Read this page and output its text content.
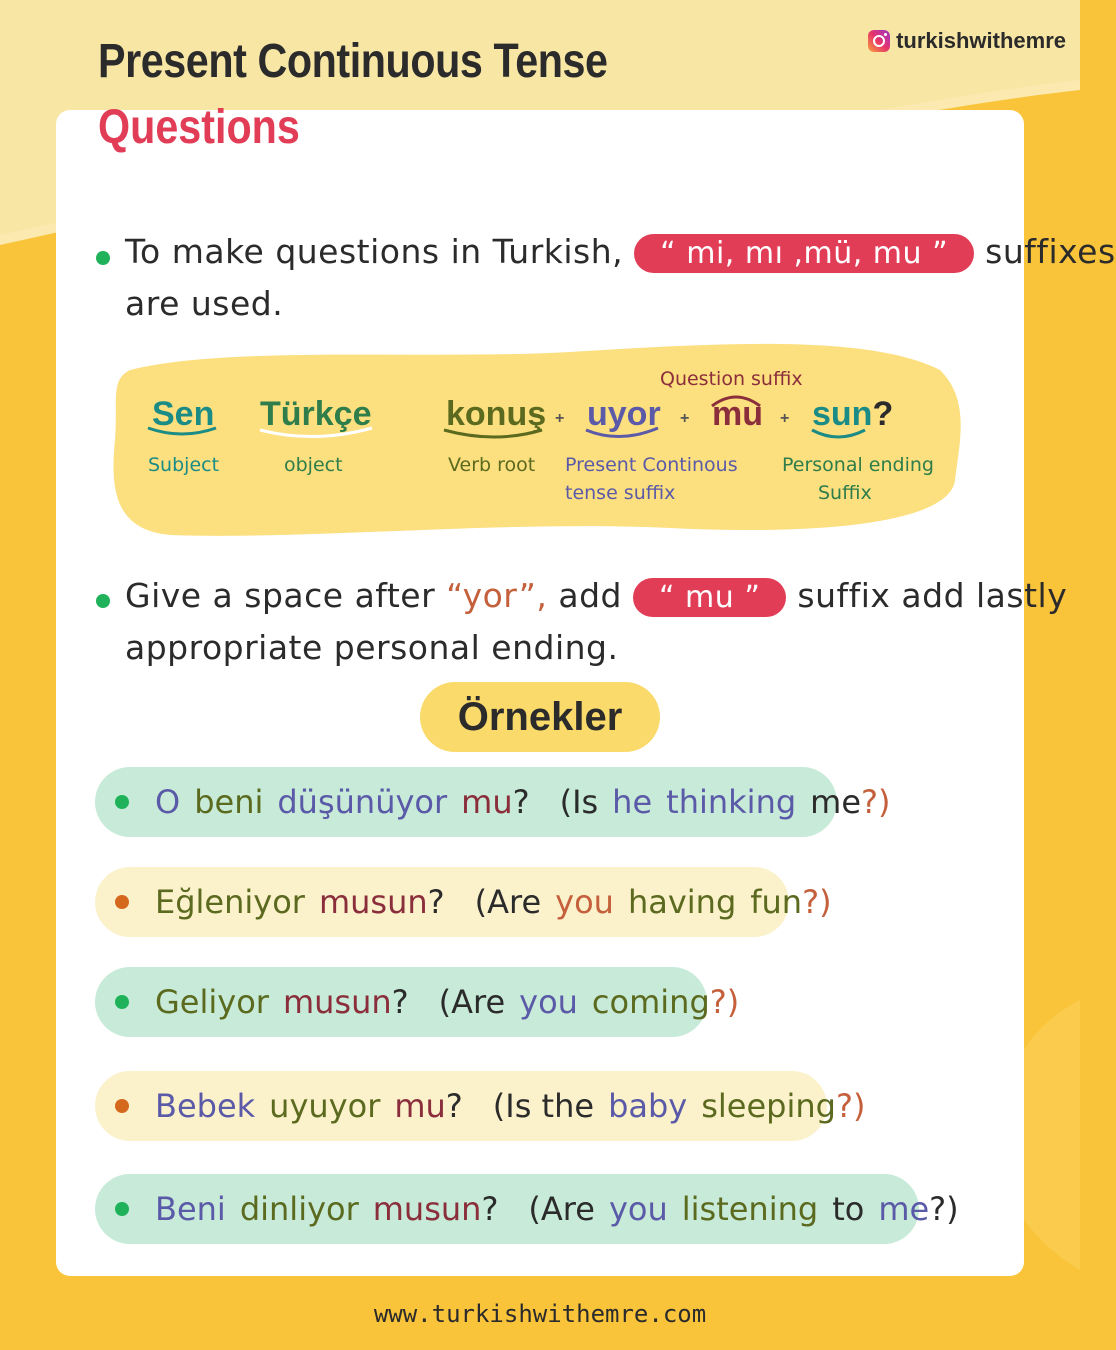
Present Continuous Tense
Questions
turkishwithemre
To make questions in Turkish, “ mi, mı ,mü, mu ” suffixes
are used.
Question suffix
Sen
Subject
Türkçe
object
konuş
Verb root
+ uyor
Present Continous
tense suffix
+ mu + sun?
Personal ending
Suffix
Give a space after “yor”, add “ mu ” suffix add lastly
appropriate personal ending.
Örnekler
O beni düşünüyor mu ? (Is he thinking me ?)
Eğleniyor musun ? (Are you having fun ?)
Geliyor musun ? (Are you coming ?)
Bebek uyuyor mu ? (Is the baby sleeping ?)
Beni dinliyor musun ? (Are you listening to me ?)
www.turkishwithemre.com
